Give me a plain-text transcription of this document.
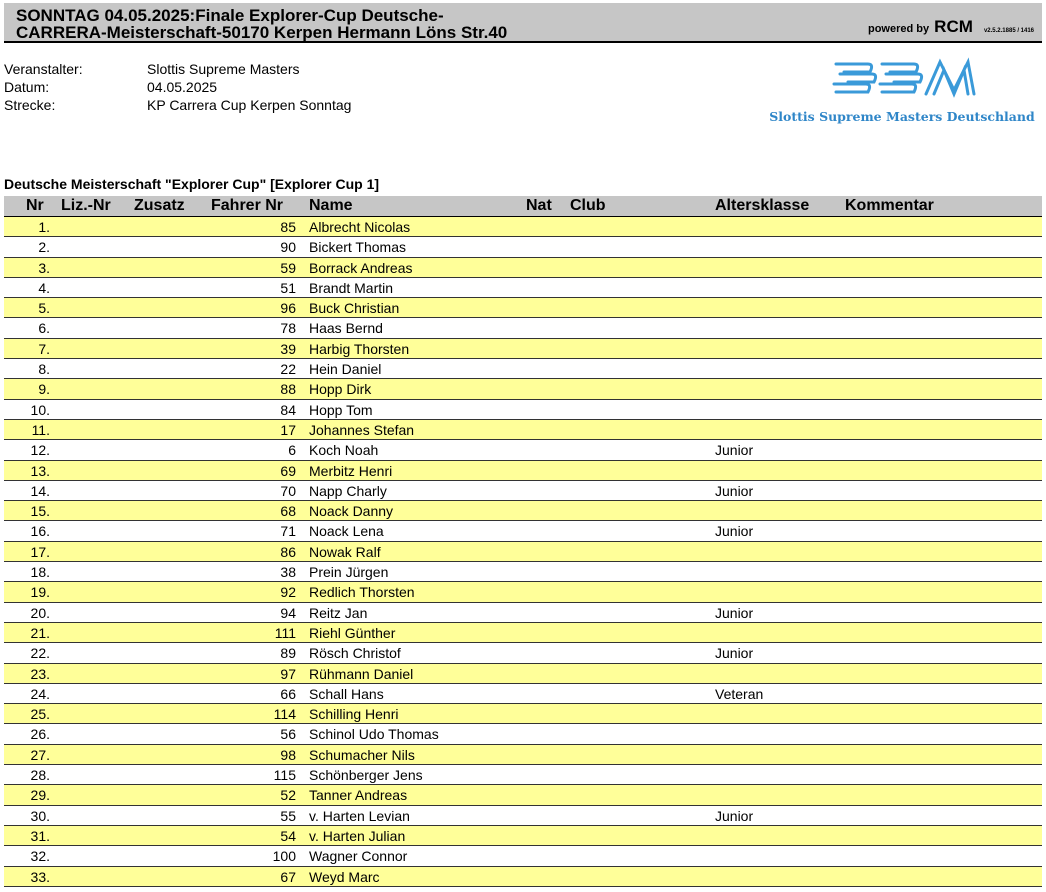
SONNTAG 04.05.2025:Finale Explorer-Cup Deutsche-
CARRERA-Meisterschaft-50170 Kerpen Hermann Löns Str.40	powered by RCM v2.5.2.1885 / 1416
Veranstalter:	Slottis Supreme Masters
Datum:	04.05.2025
Strecke:	KP Carrera Cup Kerpen Sonntag
Slottis Supreme Masters Deutschland
Deutsche Meisterschaft "Explorer Cup" [Explorer Cup 1]
Nr Liz.-Nr Zusatz Fahrer Nr Name	Nat Club	Altersklasse Kommentar
1.	85 Albrecht Nicolas
2.	90 Bickert Thomas
3.	59 Borrack Andreas
4.	51 Brandt Martin
5.	96 Buck Christian
6.	78 Haas Bernd
7.	39 Harbig Thorsten
8.	22 Hein Daniel
9.	88 Hopp Dirk
10.	84 Hopp Tom
11.	17 Johannes Stefan
12.	6 Koch Noah	Junior
13.	69 Merbitz Henri
14.	70 Napp Charly	Junior
15.	68 Noack Danny
16.	71 Noack Lena	Junior
17.	86 Nowak Ralf
18.	38 Prein Jürgen
19.	92 Redlich Thorsten
20.	94 Reitz Jan	Junior
21.	111 Riehl Günther
22.	89 Rösch Christof	Junior
23.	97 Rühmann Daniel
24.	66 Schall Hans	Veteran
25.	114 Schilling Henri
26.	56 Schinol Udo Thomas
27.	98 Schumacher Nils
28.	115 Schönberger Jens
29.	52 Tanner Andreas
30.	55 v. Harten Levian	Junior
31.	54 v. Harten Julian
32.	100 Wagner Connor
33.	67 Weyd Marc
